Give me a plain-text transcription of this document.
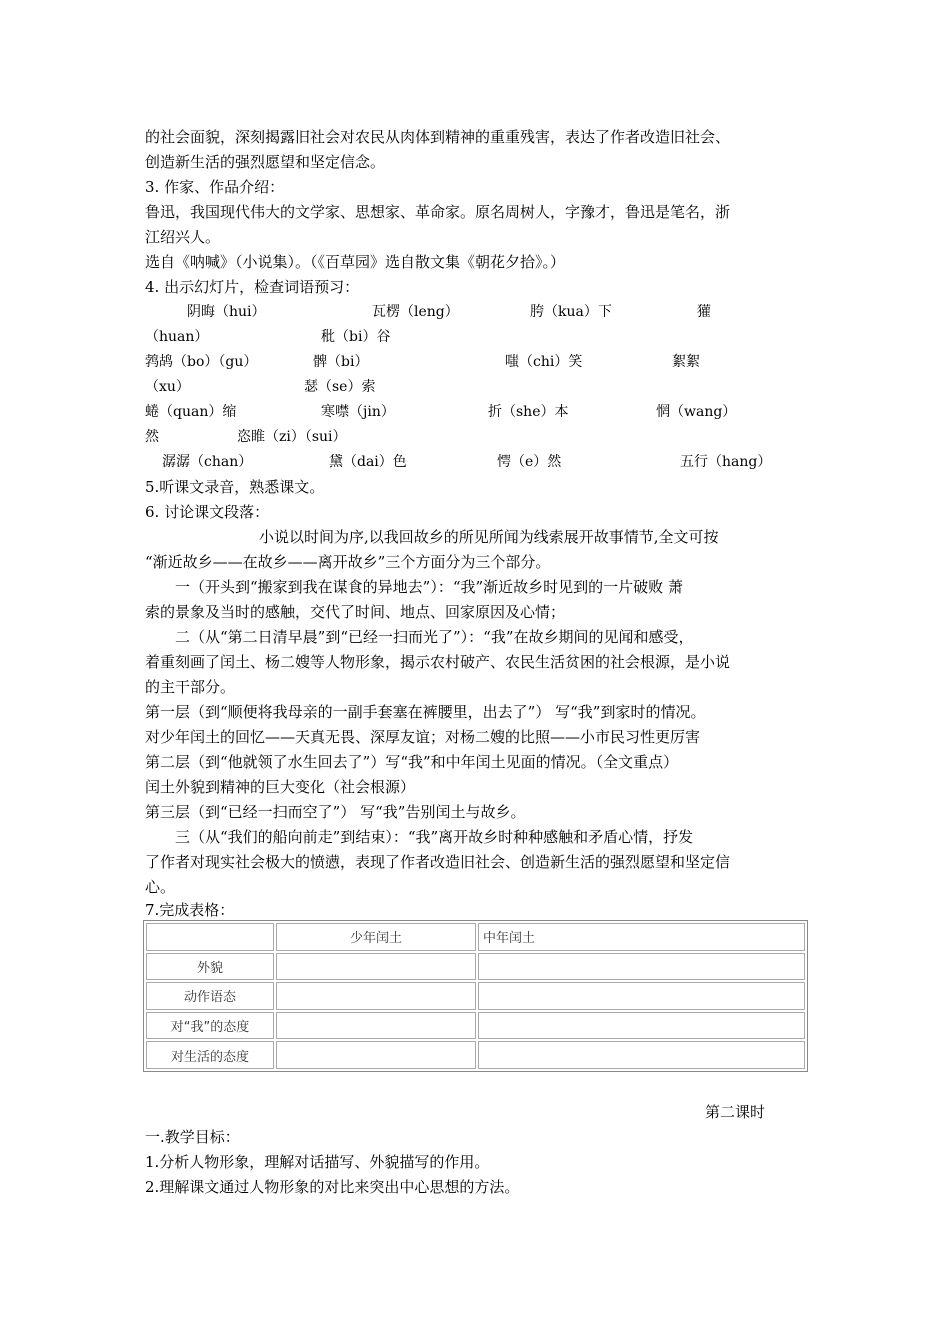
的社会面貌，深刻揭露旧社会对农民从肉体到精神的重重残害，表达了作者改造旧社会、
创造新生活的强烈愿望和坚定信念。
3. 作家、作品介绍：
鲁迅，我国现代伟大的文学家、思想家、革命家。原名周树人，字豫才，鲁迅是笔名，浙
江绍兴人。
选自《呐喊》（小说集）。（《百草园》选自散文集《朝花夕拾》。）
4. 出示幻灯片，检查词语预习：
阴晦（hui）	瓦楞（leng）	胯（kua）下	獾
（huan）	秕（bi）谷
鹁鸪（bo）（gu）	髀（bi）	嗤（chi）笑	絮絮
（xu）	瑟（se）索
蜷（quan）缩	寒噤（jin）	折（she）本	惘（wang）
然	恣睢（zi）（sui）
潺潺（chan）	黛（dai）色	愕（e）然	五行（hang）
5.听课文录音，熟悉课文。
6. 讨论课文段落：
小说以时间为序,以我回故乡的所见所闻为线索展开故事情节,全文可按
“渐近故乡——在故乡——离开故乡”三个方面分为三个部分。
一（开头到“搬家到我在谋食的异地去”）：“我”渐近故乡时见到的一片破败 萧
索的景象及当时的感触，交代了时间、地点、回家原因及心情；
二（从“第二日清早晨”到“已经一扫而光了”）：“我”在故乡期间的见闻和感受，
着重刻画了闰土、杨二嫂等人物形象，揭示农村破产、农民生活贫困的社会根源，是小说
的主干部分。
第一层（到“顺便将我母亲的一副手套塞在裤腰里，出去了”） 写“我”到家时的情况。
对少年闰土的回忆——天真无畏、深厚友谊；对杨二嫂的比照——小市民习性更厉害
第二层（到“他就领了水生回去了”）写“我”和中年闰土见面的情况。（全文重点）
闰土外貌到精神的巨大变化（社会根源）
第三层（到“已经一扫而空了”） 写“我”告别闰土与故乡。
三（从“我们的船向前走”到结束）：“我”离开故乡时种种感触和矛盾心情，抒发
了作者对现实社会极大的愤懑，表现了作者改造旧社会、创造新生活的强烈愿望和坚定信
心。
7.完成表格：
	少年闰土	中年闰土
外貌		
动作语态		
对“我”的态度		
对生活的态度		
第二课时
一.教学目标：
1.分析人物形象，理解对话描写、外貌描写的作用。
2.理解课文通过人物形象的对比来突出中心思想的方法。
